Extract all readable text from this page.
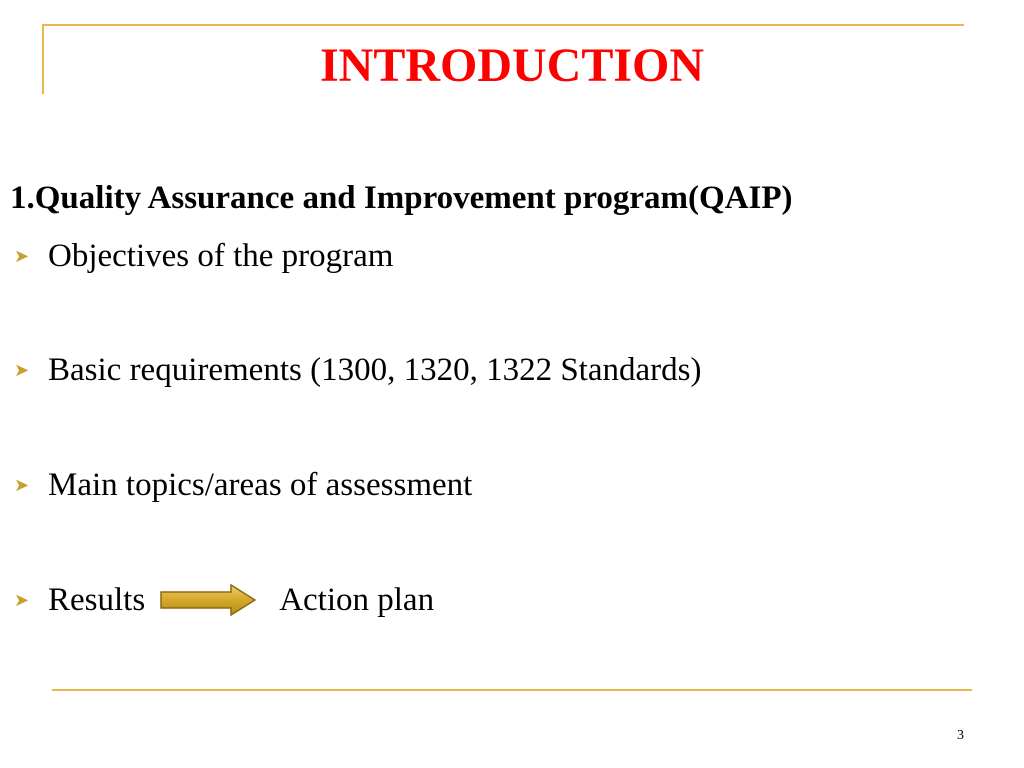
INTRODUCTION
1.Quality Assurance and Improvement program(QAIP)
➤ Objectives of the program
➤ Basic requirements (1300, 1320, 1322 Standards)
➤ Main topics/areas of assessment
➤ Results	Action plan
3
